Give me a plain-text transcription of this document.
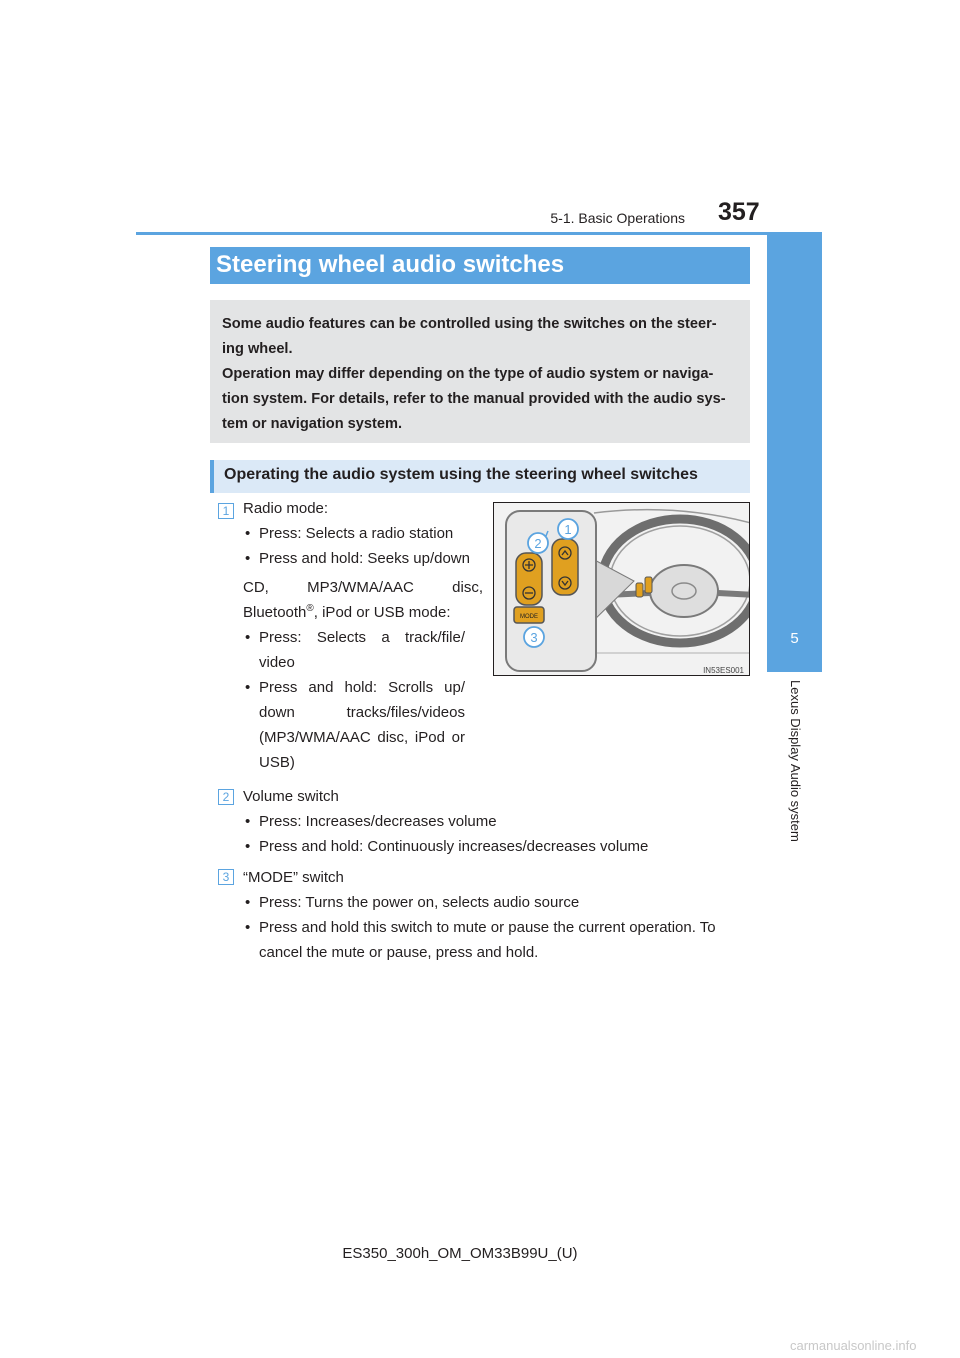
5-1. Basic Operations 357
5
Lexus Display Audio system
Steering wheel audio switches

Some audio features can be controlled using the switches on the steer-

ing wheel.

Operation may differ depending on the type of audio system or naviga-

tion system. For details, refer to the manual provided with the audio sys-

tem or navigation system.

Operating the audio system using the steering wheel switches
1 Radio mode:
• Press: Selects a radio station
• Press and hold: Seeks up/down
CD, MP3/WMA/AAC disc,
Bluetooth®, iPod or USB mode:
• Press: Selects a track/file/ video
• Press and hold: Scrolls up/ down tracks/files/videos (MP3/WMA/AAC disc, iPod or USB)
MODE
2
1
3
IN53ES001
2 Volume switch
• Press: Increases/decreases volume
• Press and hold: Continuously increases/decreases volume
3 “MODE” switch
• Press: Turns the power on, selects audio source
• Press and hold this switch to mute or pause the current operation. To cancel the mute or pause, press and hold.
ES350_300h_OM_OM33B99U_(U)
carmanualsonline.info
